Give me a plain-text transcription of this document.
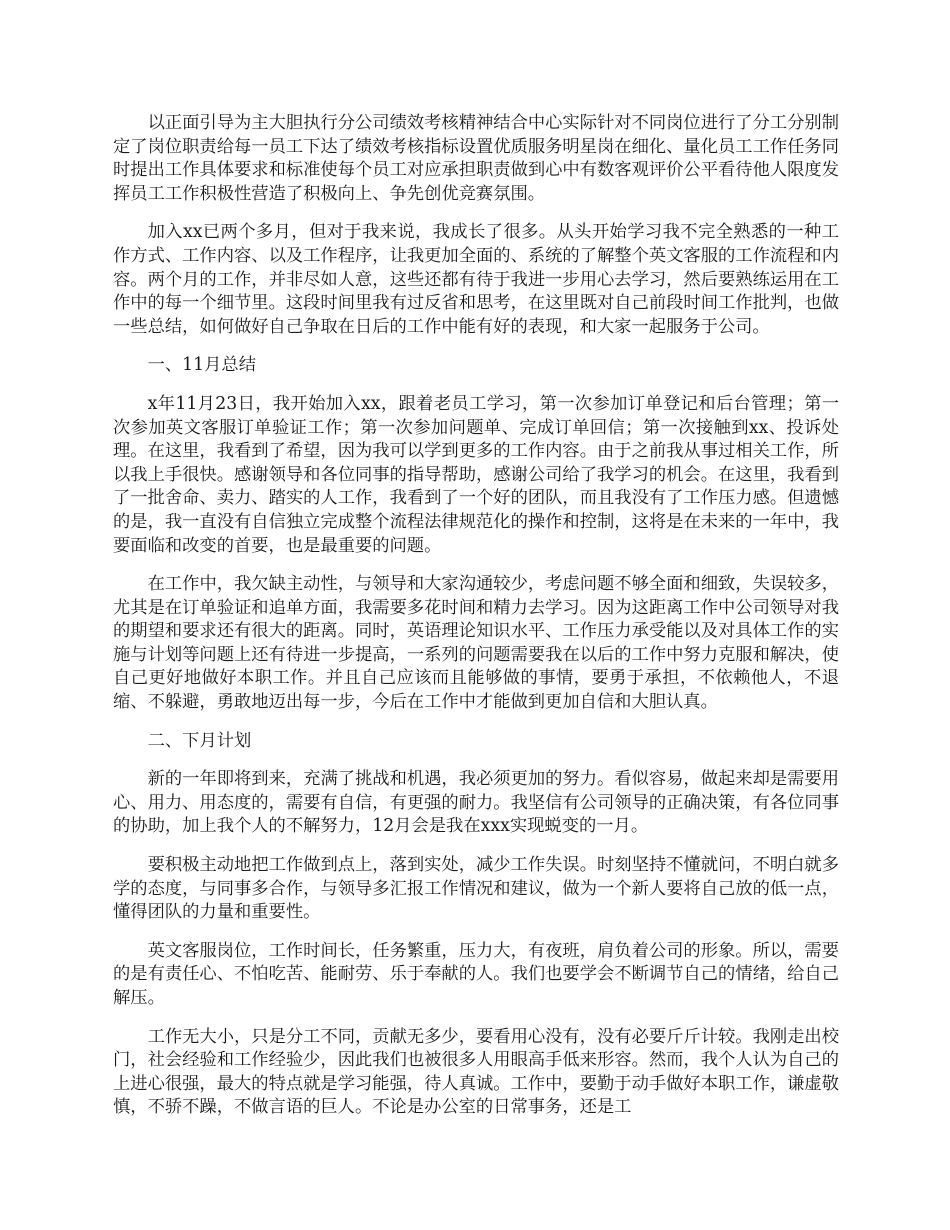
以正面引导为主大胆执行分公司绩效考核精神结合中心实际针对不同岗位进行了分工分别制定了岗位职责给每一员工下达了绩效考核指标设置优质服务明星岗在细化、量化员工工作任务同时提出工作具体要求和标准使每个员工对应承担职责做到心中有数客观评价公平看待他人限度发挥员工工作积极性营造了积极向上、争先创优竞赛氛围。

加入xx已两个多月，但对于我来说，我成长了很多。从头开始学习我不完全熟悉的一种工作方式、工作内容、以及工作程序，让我更加全面的、系统的了解整个英文客服的工作流程和内容。两个月的工作，并非尽如人意，这些还都有待于我进一步用心去学习，然后要熟练运用在工作中的每一个细节里。这段时间里我有过反省和思考，在这里既对自己前段时间工作批判，也做一些总结，如何做好自己争取在日后的工作中能有好的表现，和大家一起服务于公司。

一、11月总结

x年11月23日，我开始加入xx，跟着老员工学习，第一次参加订单登记和后台管理；第一次参加英文客服订单验证工作；第一次参加问题单、完成订单回信；第一次接触到xx、投诉处理。在这里，我看到了希望，因为我可以学到更多的工作内容。由于之前我从事过相关工作，所以我上手很快。感谢领导和各位同事的指导帮助，感谢公司给了我学习的机会。在这里，我看到了一批舍命、卖力、踏实的人工作，我看到了一个好的团队，而且我没有了工作压力感。但遗憾的是，我一直没有自信独立完成整个流程法律规范化的操作和控制，这将是在未来的一年中，我要面临和改变的首要，也是最重要的问题。

在工作中，我欠缺主动性，与领导和大家沟通较少，考虑问题不够全面和细致，失误较多，尤其是在订单验证和追单方面，我需要多花时间和精力去学习。因为这距离工作中公司领导对我的期望和要求还有很大的距离。同时，英语理论知识水平、工作压力承受能以及对具体工作的实施与计划等问题上还有待进一步提高，一系列的问题需要我在以后的工作中努力克服和解决，使自己更好地做好本职工作。并且自己应该而且能够做的事情，要勇于承担，不依赖他人，不退缩、不躲避，勇敢地迈出每一步，今后在工作中才能做到更加自信和大胆认真。

二、下月计划

新的一年即将到来，充满了挑战和机遇，我必须更加的努力。看似容易，做起来却是需要用心、用力、用态度的，需要有自信，有更强的耐力。我坚信有公司领导的正确决策，有各位同事的协助，加上我个人的不解努力，12月会是我在xxx实现蜕变的一月。

要积极主动地把工作做到点上，落到实处，减少工作失误。时刻坚持不懂就问，不明白就多学的态度，与同事多合作，与领导多汇报工作情况和建议，做为一个新人要将自己放的低一点，懂得团队的力量和重要性。

英文客服岗位，工作时间长，任务繁重，压力大，有夜班，肩负着公司的形象。所以，需要的是有责任心、不怕吃苦、能耐劳、乐于奉献的人。我们也要学会不断调节自己的情绪，给自己解压。

工作无大小，只是分工不同，贡献无多少，要看用心没有，没有必要斤斤计较。我刚走出校门，社会经验和工作经验少，因此我们也被很多人用眼高手低来形容。然而，我个人认为自己的上进心很强，最大的特点就是学习能强，待人真诚。工作中，要勤于动手做好本职工作，谦虚敬慎，不骄不躁，不做言语的巨人。不论是办公室的日常事务，还是工
